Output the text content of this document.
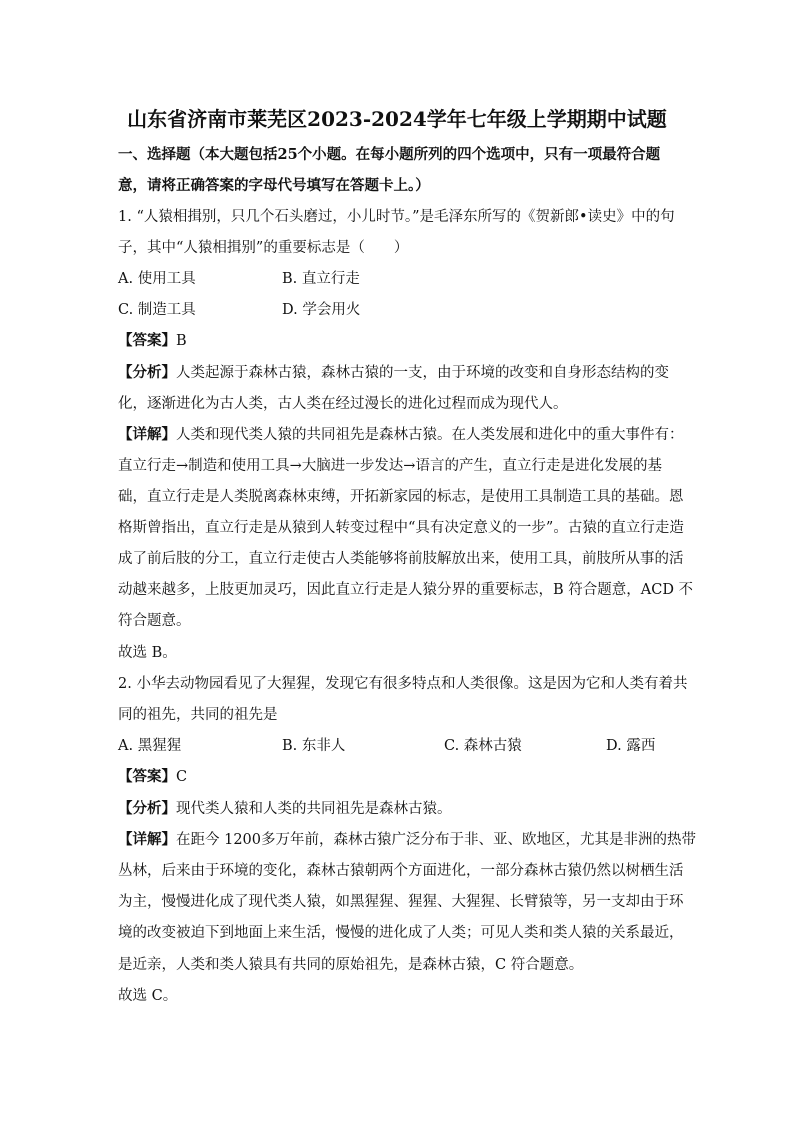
山东省济南市莱芜区2023-2024学年七年级上学期期中试题
一、选择题（本大题包括25个小题。在每小题所列的四个选项中，只有一项最符合题
意，请将正确答案的字母代号填写在答题卡上。）
1. “人猿相揖别，只几个石头磨过，小儿时节。”是毛泽东所写的《贺新郎•读史》中的句
子，其中“人猿相揖别”的重要标志是（　　）
A. 使用工具	B. 直立行走
C. 制造工具	D. 学会用火
【答案】B
【分析】人类起源于森林古猿，森林古猿的一支，由于环境的改变和自身形态结构的变
化，逐渐进化为古人类，古人类在经过漫长的进化过程而成为现代人。
【详解】人类和现代类人猿的共同祖先是森林古猿。在人类发展和进化中的重大事件有：
直立行走→制造和使用工具→大脑进一步发达→语言的产生，直立行走是进化发展的基
础，直立行走是人类脱离森林束缚，开拓新家园的标志，是使用工具制造工具的基础。恩
格斯曾指出，直立行走是从猿到人转变过程中“具有决定意义的一步”。古猿的直立行走造
成了前后肢的分工，直立行走使古人类能够将前肢解放出来，使用工具，前肢所从事的活
动越来越多，上肢更加灵巧，因此直立行走是人猿分界的重要标志，B 符合题意，ACD 不
符合题意。
故选 B。
2. 小华去动物园看见了大猩猩，发现它有很多特点和人类很像。这是因为它和人类有着共
同的祖先，共同的祖先是
A. 黑猩猩	B. 东非人	C. 森林古猿	D. 露西
【答案】C
【分析】现代类人猿和人类的共同祖先是森林古猿。
【详解】在距今 1200多万年前，森林古猿广泛分布于非、亚、欧地区，尤其是非洲的热带
丛林，后来由于环境的变化，森林古猿朝两个方面进化，一部分森林古猿仍然以树栖生活
为主，慢慢进化成了现代类人猿，如黑猩猩、猩猩、大猩猩、长臂猿等，另一支却由于环
境的改变被迫下到地面上来生活，慢慢的进化成了人类；可见人类和类人猿的关系最近，
是近亲，人类和类人猿具有共同的原始祖先，是森林古猿，C 符合题意。
故选 C。
